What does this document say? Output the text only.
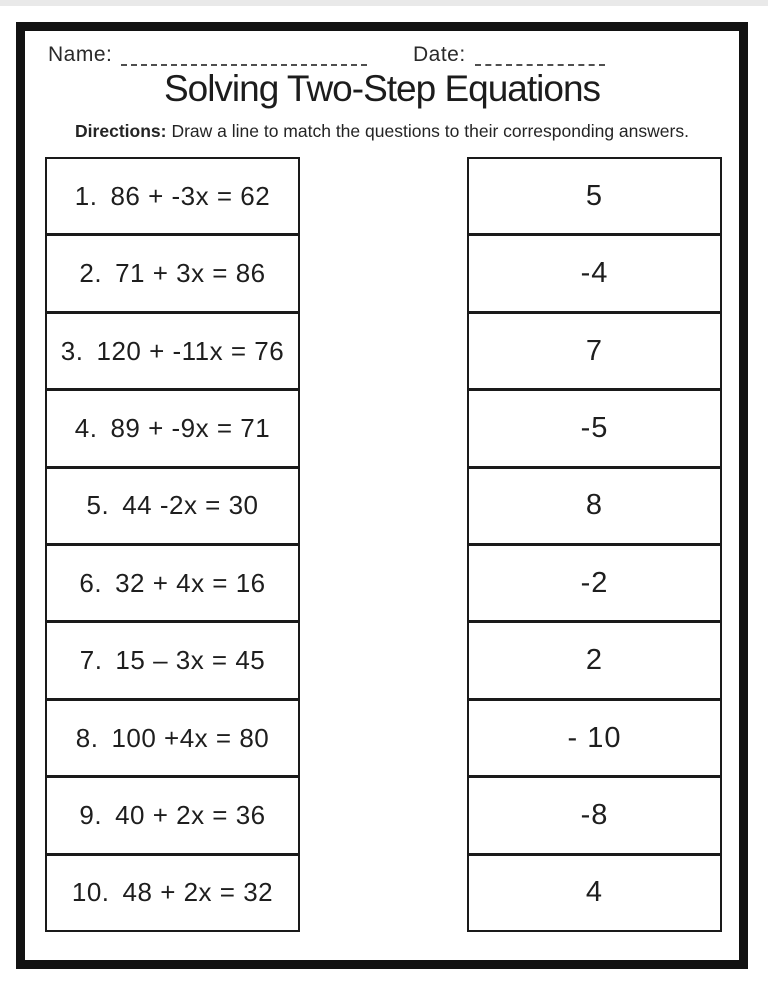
Name:	Date:
Solving Two-Step Equations
Directions: Draw a line to match the questions to their corresponding answers.
1. 86 + -3x = 62
2. 71 + 3x = 86
3. 120 + -11x = 76
4. 89 + -9x = 71
5. 44 -2x = 30
6. 32 + 4x = 16
7. 15 – 3x = 45
8. 100 +4x = 80
9. 40 + 2x = 36
10. 48 + 2x = 32
5
-4
7
-5
8
-2
2
- 10
-8
4
